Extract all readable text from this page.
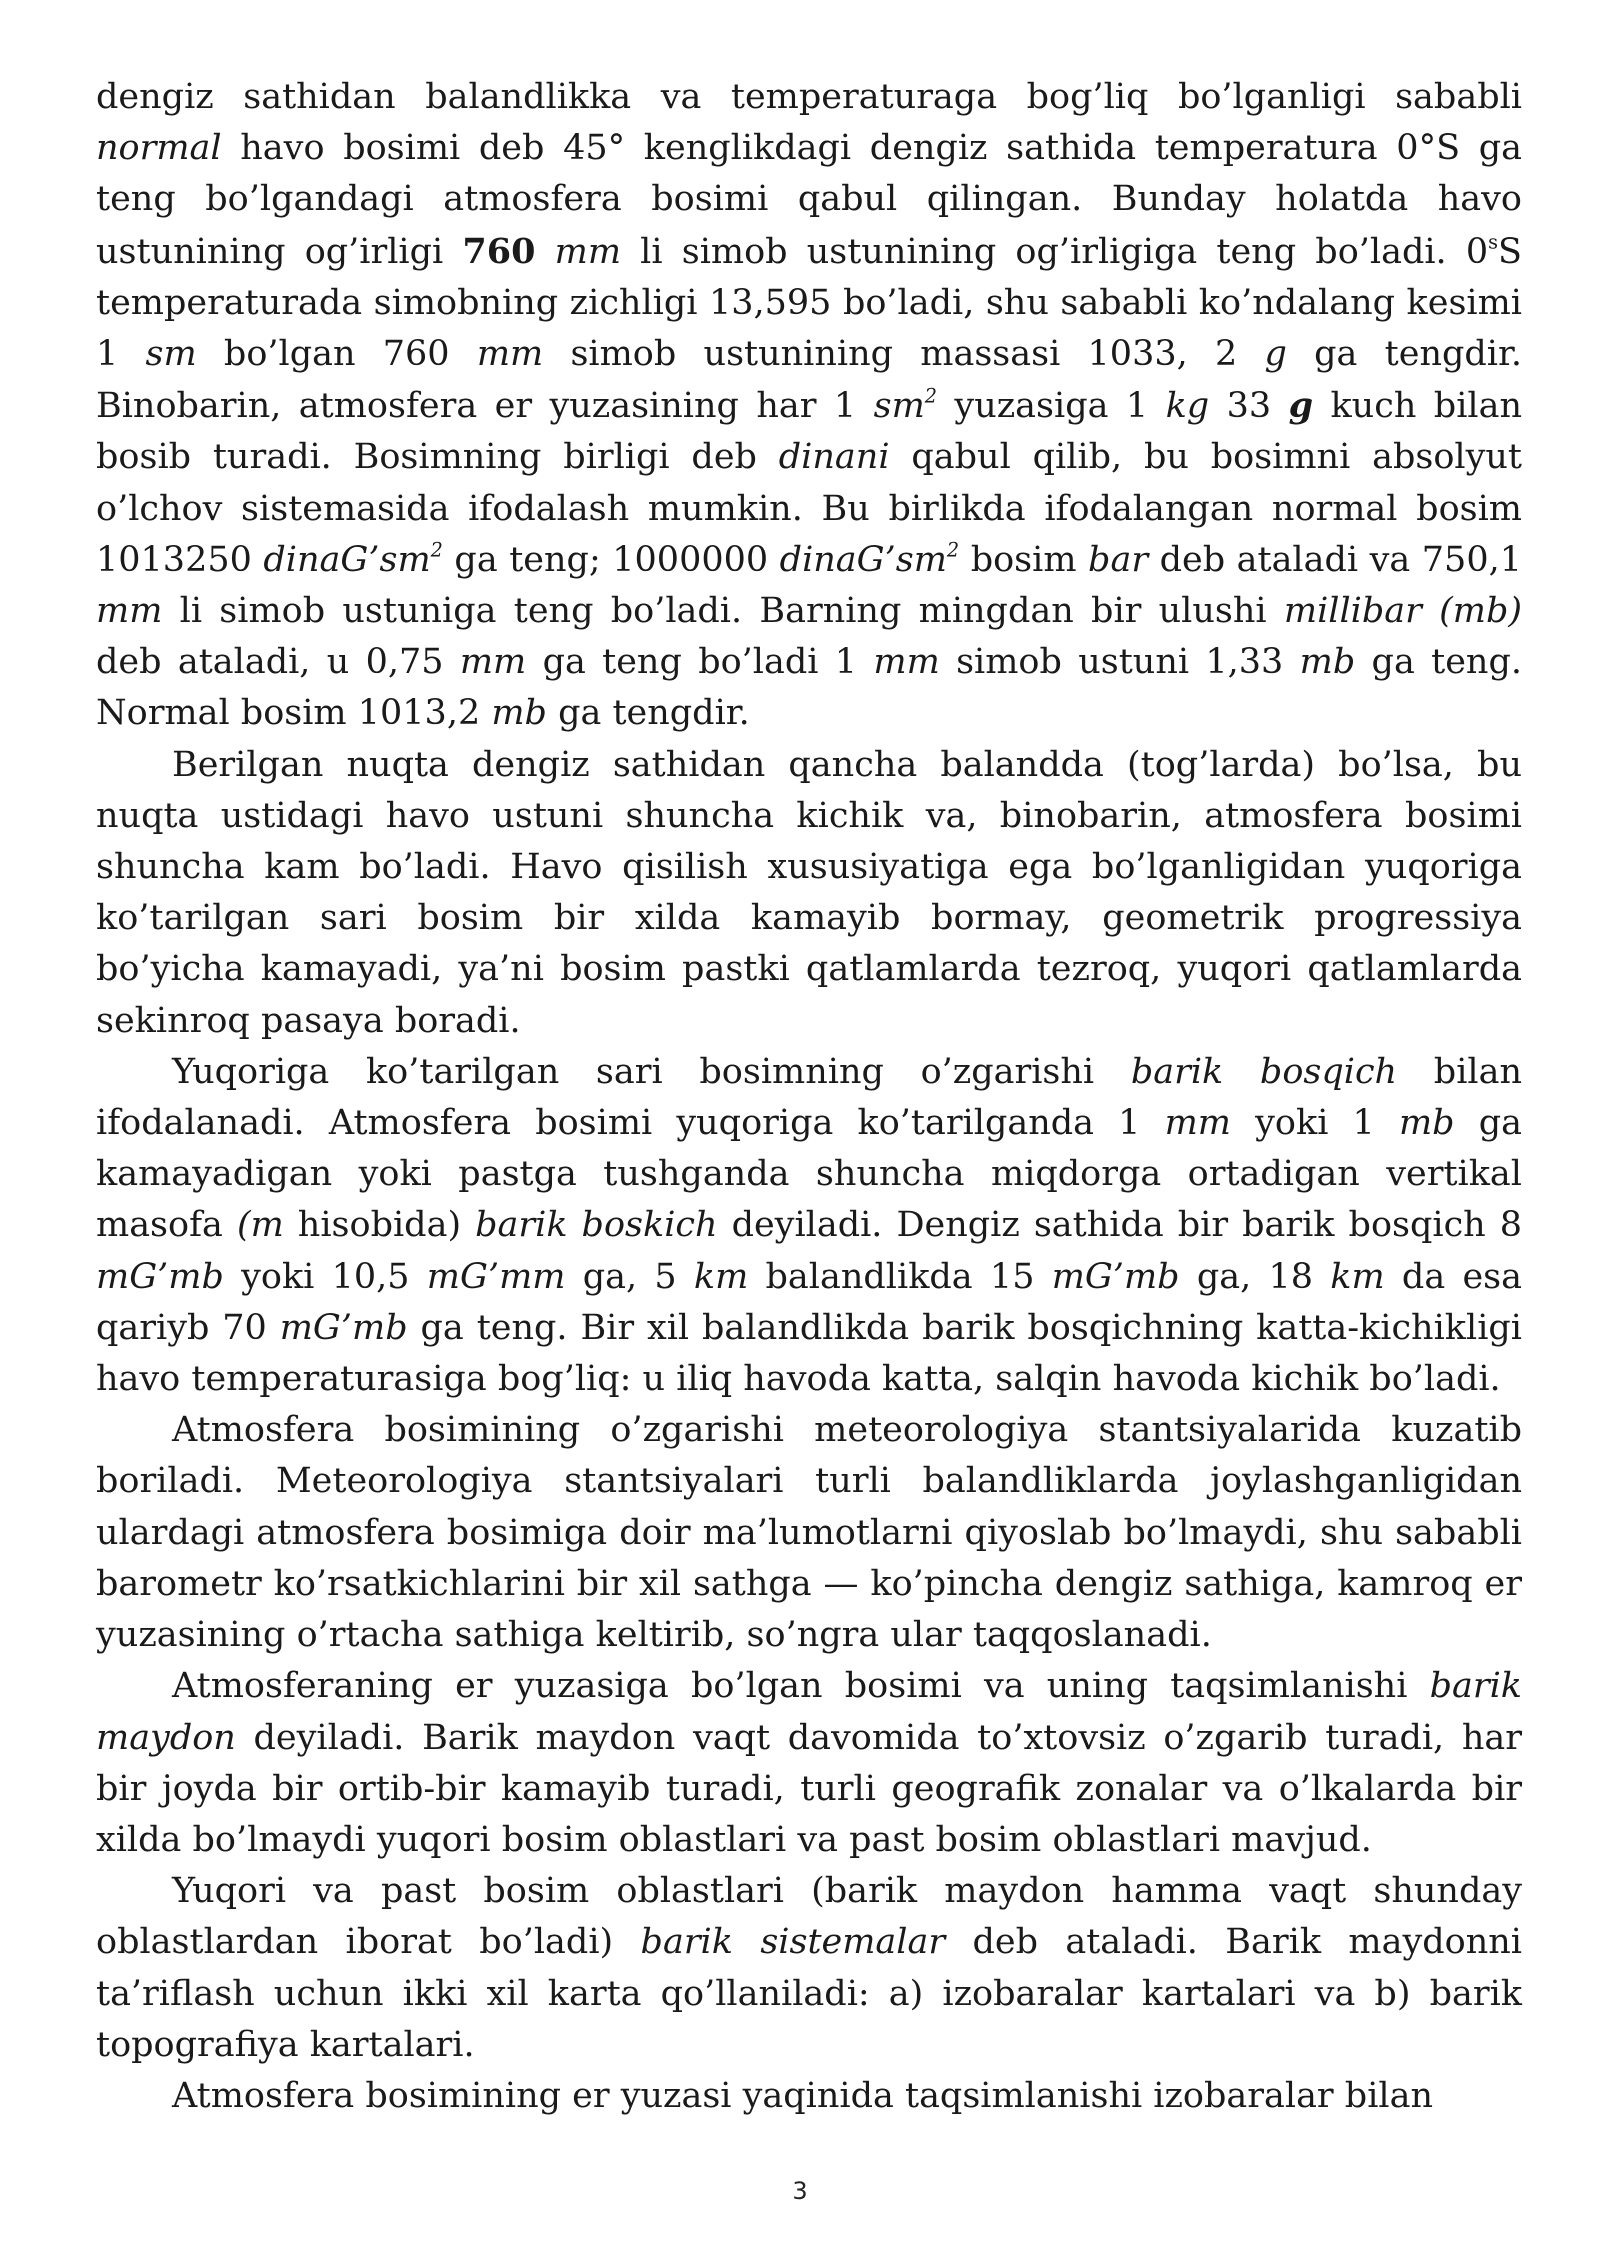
dengiz sathidan balandlikka va temperaturaga bog’liq bo’lganligi sababli normal havo bosimi deb 45° kenglikdagi dengiz sathida temperatura 0°S ga teng bo’lgandagi atmosfera bosimi qabul qilingan. Bunday holatda havo ustunining og’irligi 760 mm li simob ustunining og’irligiga teng bo’ladi. 0$^s$S temperaturada simobning zichligi 13,595 bo’ladi, shu sababli ko’ndalang kesimi 1 sm bo’lgan 760 mm simob ustunining massasi 1033, 2 g ga tengdir. Binobarin, atmosfera er yuzasining har 1 $sm^2$ yuzasiga 1 kg 33 g kuch bilan bosib turadi. Bosimning birligi deb dinani qabul qilib, bu bosimni absolyut o’lchov sistemasida ifodalash mumkin. Bu birlikda ifodalangan normal bosim 1013250 $dinaG’sm^2$ ga teng; 1000000 $dinaG’sm^2$ bosim bar deb ataladi va 750,1 mm li simob ustuniga teng bo’ladi. Barning mingdan bir ulushi millibar (mb) deb ataladi, u 0,75 mm ga teng bo’ladi 1 mm simob ustuni 1,33 mb ga teng. Normal bosim 1013,2 mb ga tengdir.

Berilgan nuqta dengiz sathidan qancha balandda (tog’larda) bo’lsa, bu nuqta ustidagi havo ustuni shuncha kichik va, binobarin, atmosfera bosimi shuncha kam bo’ladi. Havo qisilish xususiyatiga ega bo’lganligidan yuqoriga ko’tarilgan sari bosim bir xilda kamayib bormay, geometrik progressiya bo’yicha kamayadi, ya’ni bosim pastki qatlamlarda tezroq, yuqori qatlamlarda sekinroq pasaya boradi.

Yuqoriga ko’tarilgan sari bosimning o’zgarishi barik bosqich bilan ifodalanadi. Atmosfera bosimi yuqoriga ko’tarilganda 1 mm yoki 1 mb ga kamayadigan yoki pastga tushganda shuncha miqdorga ortadigan vertikal masofa (m hisobida) barik boskich deyiladi. Dengiz sathida bir barik bosqich 8 mG’mb yoki 10,5 mG’mm ga, 5 km balandlikda 15 mG’mb ga, 18 km da esa qariyb 70 mG’mb ga teng. Bir xil balandlikda barik bosqichning katta-kichikligi havo temperaturasiga bog’liq: u iliq havoda katta, salqin havoda kichik bo’ladi.

Atmosfera bosimining o’zgarishi meteorologiya stantsiyalarida kuzatib boriladi. Meteorologiya stantsiyalari turli balandliklarda joylashganligidan ulardagi atmosfera bosimiga doir ma’lumotlarni qiyoslab bo’lmaydi, shu sababli barometr ko’rsatkichlarini bir xil sathga — ko’pincha dengiz sathiga, kamroq er yuzasining o’rtacha sathiga keltirib, so’ngra ular taqqoslanadi.

Atmosferaning er yuzasiga bo’lgan bosimi va uning taqsimlanishi barik maydon deyiladi. Barik maydon vaqt davomida to’xtovsiz o’zgarib turadi, har bir joyda bir ortib-bir kamayib turadi, turli geografik zonalar va o’lkalarda bir xilda bo’lmaydi yuqori bosim oblastlari va past bosim oblastlari mavjud.

Yuqori va past bosim oblastlari (barik maydon hamma vaqt shunday oblastlardan iborat bo’ladi) barik sistemalar deb ataladi. Barik maydonni ta’riflash uchun ikki xil karta qo’llaniladi: a) izobaralar kartalari va b) barik topografiya kartalari.

Atmosfera bosimining er yuzasi yaqinida taqsimlanishi izobaralar bilan

3
